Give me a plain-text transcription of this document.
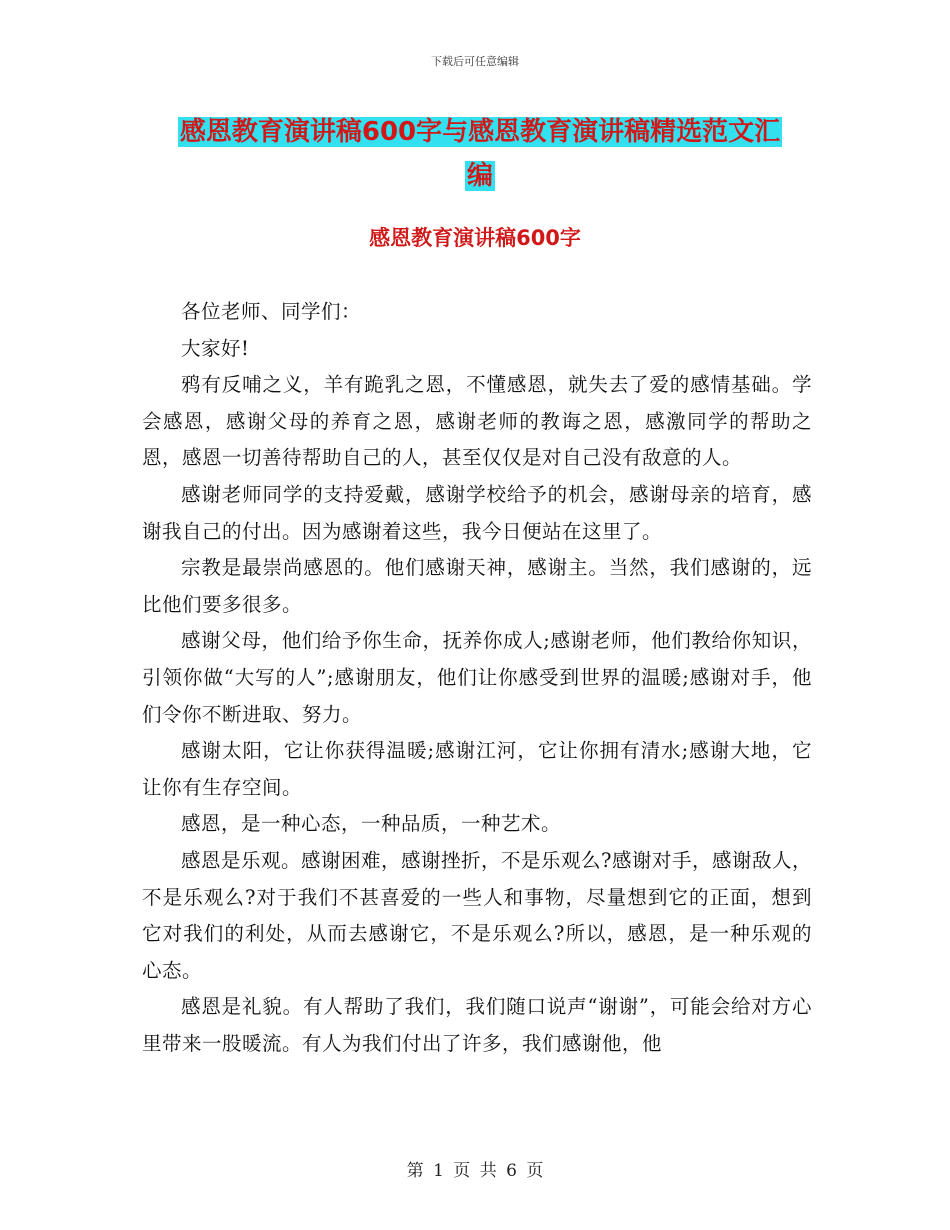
下载后可任意编辑
感恩教育演讲稿600字与感恩教育演讲稿精选范文汇
编
感恩教育演讲稿600字

各位老师、同学们：

大家好!

鸦有反哺之义，羊有跪乳之恩，不懂感恩，就失去了爱的感情基础。学会感恩，感谢父母的养育之恩，感谢老师的教诲之恩，感激同学的帮助之恩，感恩一切善待帮助自己的人，甚至仅仅是对自己没有敌意的人。

感谢老师同学的支持爱戴，感谢学校给予的机会，感谢母亲的培育，感谢我自己的付出。因为感谢着这些，我今日便站在这里了。

宗教是最崇尚感恩的。他们感谢天神，感谢主。当然，我们感谢的，远比他们要多很多。

感谢父母，他们给予你生命，抚养你成人;感谢老师，他们教给你知识，引领你做“大写的人”;感谢朋友，他们让你感受到世界的温暖;感谢对手，他们令你不断进取、努力。

感谢太阳，它让你获得温暖;感谢江河，它让你拥有清水;感谢大地，它让你有生存空间。

感恩，是一种心态，一种品质，一种艺术。

感恩是乐观。感谢困难，感谢挫折，不是乐观么?感谢对手，感谢敌人，不是乐观么?对于我们不甚喜爱的一些人和事物，尽量想到它的正面，想到它对我们的利处，从而去感谢它，不是乐观么?所以，感恩，是一种乐观的心态。

感恩是礼貌。有人帮助了我们，我们随口说声“谢谢”，可能会给对方心里带来一股暖流。有人为我们付出了许多，我们感谢他，他

第 1 页 共 6 页
